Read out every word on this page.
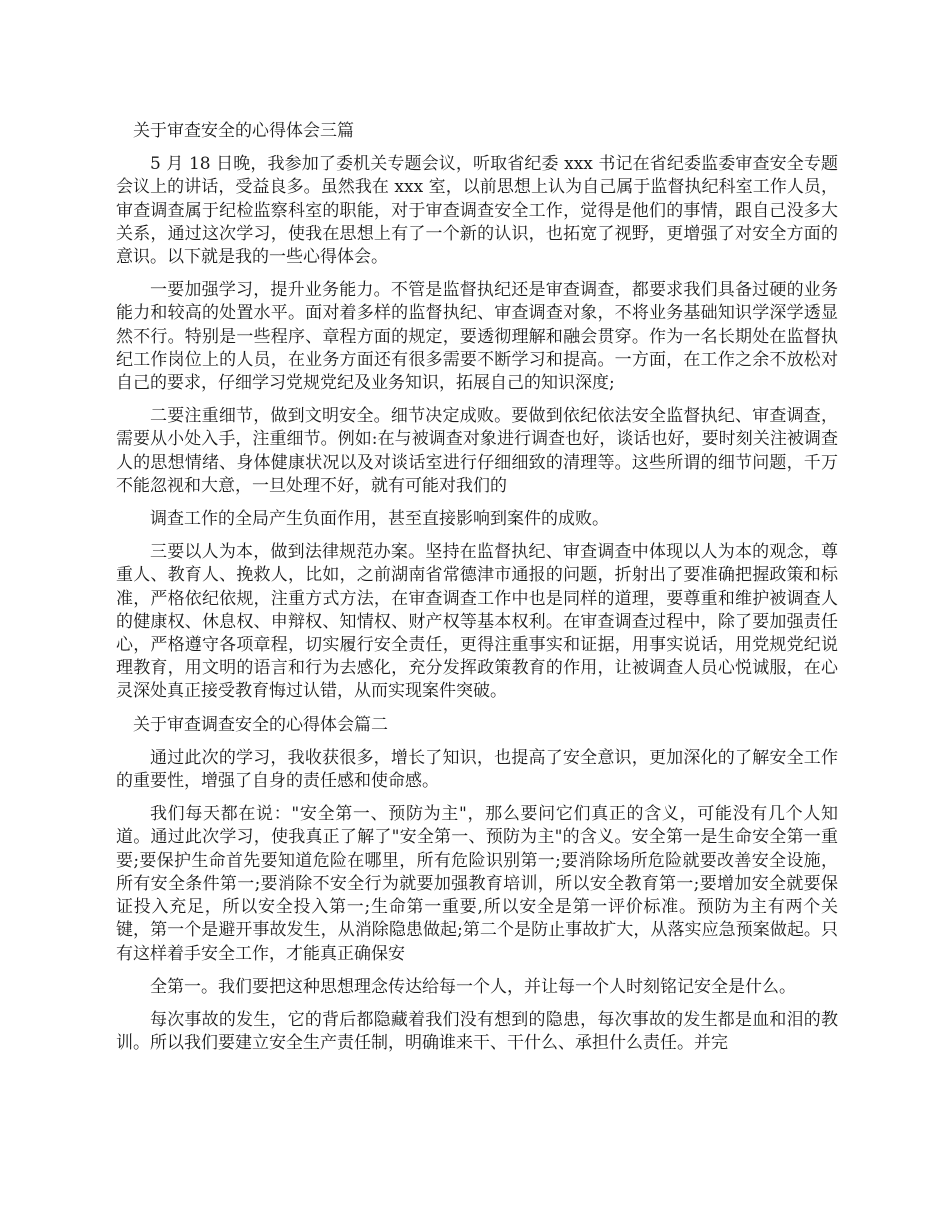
关于审查安全的心得体会三篇

5 月 18 日晚，我参加了委机关专题会议，听取省纪委 xxx 书记在省纪委监委审查安全专题会议上的讲话，受益良多。虽然我在 xxx 室，以前思想上认为自己属于监督执纪科室工作人员，审查调查属于纪检监察科室的职能，对于审查调查安全工作，觉得是他们的事情，跟自己没多大关系，通过这次学习，使我在思想上有了一个新的认识，也拓宽了视野，更增强了对安全方面的意识。以下就是我的一些心得体会。

一要加强学习，提升业务能力。不管是监督执纪还是审查调查，都要求我们具备过硬的业务能力和较高的处置水平。面对着多样的监督执纪、审查调查对象，不将业务基础知识学深学透显然不行。特别是一些程序、章程方面的规定，要透彻理解和融会贯穿。作为一名长期处在监督执纪工作岗位上的人员，在业务方面还有很多需要不断学习和提高。一方面，在工作之余不放松对自己的要求，仔细学习党规党纪及业务知识，拓展自己的知识深度;

二要注重细节，做到文明安全。细节决定成败。要做到依纪依法安全监督执纪、审查调查，需要从小处入手，注重细节。例如:在与被调查对象进行调查也好，谈话也好，要时刻关注被调查人的思想情绪、身体健康状况以及对谈话室进行仔细细致的清理等。这些所谓的细节问题，千万不能忽视和大意，一旦处理不好，就有可能对我们的

调查工作的全局产生负面作用，甚至直接影响到案件的成败。

三要以人为本，做到法律规范办案。坚持在监督执纪、审查调查中体现以人为本的观念，尊重人、教育人、挽救人，比如，之前湖南省常德津市通报的问题，折射出了要准确把握政策和标准，严格依纪依规，注重方式方法，在审查调查工作中也是同样的道理，要尊重和维护被调查人的健康权、休息权、申辩权、知情权、财产权等基本权利。在审查调查过程中，除了要加强责任心，严格遵守各项章程，切实履行安全责任，更得注重事实和证据，用事实说话，用党规党纪说理教育，用文明的语言和行为去感化，充分发挥政策教育的作用，让被调查人员心悦诚服，在心灵深处真正接受教育悔过认错，从而实现案件突破。

关于审查调查安全的心得体会篇二

通过此次的学习，我收获很多，增长了知识，也提高了安全意识，更加深化的了解安全工作的重要性，增强了自身的责任感和使命感。

我们每天都在说："安全第一、预防为主"，那么要问它们真正的含义，可能没有几个人知道。通过此次学习，使我真正了解了"安全第一、预防为主"的含义。安全第一是生命安全第一重要;要保护生命首先要知道危险在哪里，所有危险识别第一;要消除场所危险就要改善安全设施，所有安全条件第一;要消除不安全行为就要加强教育培训，所以安全教育第一;要增加安全就要保证投入充足，所以安全投入第一;生命第一重要,所以安全是第一评价标准。预防为主有两个关键，第一个是避开事故发生，从消除隐患做起;第二个是防止事故扩大，从落实应急预案做起。只有这样着手安全工作，才能真正确保安

全第一。我们要把这种思想理念传达给每一个人，并让每一个人时刻铭记安全是什么。

每次事故的发生，它的背后都隐藏着我们没有想到的隐患，每次事故的发生都是血和泪的教训。所以我们要建立安全生产责任制，明确谁来干、干什么、承担什么责任。并完
